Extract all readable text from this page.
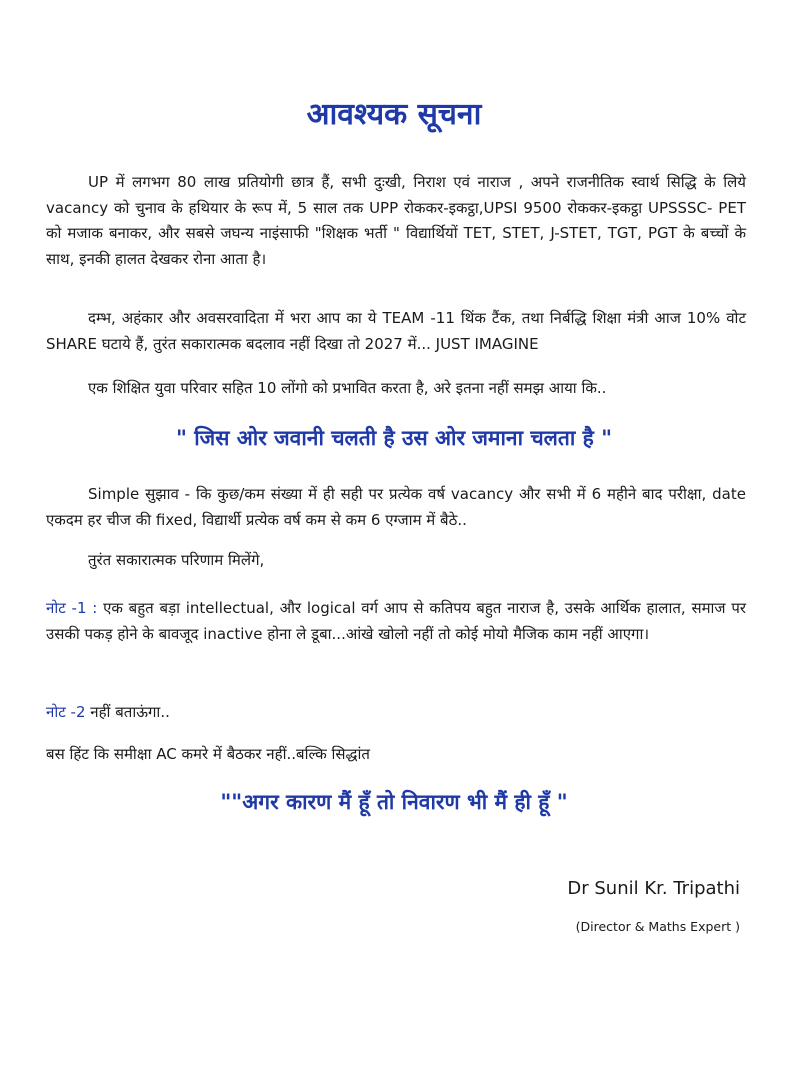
आवश्यक सूचना

UP में लगभग 80 लाख प्रतियोगी छात्र हैं, सभी दुःखी, निराश एवं नाराज , अपने राजनीतिक स्वार्थ सिद्धि के लिये vacancy को चुनाव के हथियार के रूप में, 5 साल तक UPP रोककर-इकट्ठा,UPSI 9500 रोककर-इकट्ठा UPSSSC- PET को मजाक बनाकर, और सबसे जघन्य नाइंसाफी "शिक्षक भर्ती " विद्यार्थियों TET, STET, J-STET, TGT, PGT के बच्चों के साथ, इनकी हालत देखकर रोना आता है।

दम्भ, अहंकार और अवसरवादिता में भरा आप का ये TEAM -11 थिंक टैंक, तथा निर्बद्धि शिक्षा मंत्री आज 10% वोट SHARE घटाये हैं, तुरंत सकारात्मक बदलाव नहीं दिखा तो 2027 में... JUST IMAGINE

एक शिक्षित युवा परिवार सहित 10 लोंगो को प्रभावित करता है, अरे इतना नहीं समझ आया कि..

" जिस ओर जवानी चलती है उस ओर जमाना चलता है "

Simple सुझाव - कि कुछ/कम संख्या में ही सही पर प्रत्येक वर्ष vacancy और सभी में 6 महीने बाद परीक्षा, date एकदम हर चीज की fixed, विद्यार्थी प्रत्येक वर्ष कम से कम 6 एग्जाम में बैठे..

तुरंत सकारात्मक परिणाम मिलेंगे,

नोट -1 : एक बहुत बड़ा intellectual, और logical वर्ग आप से कतिपय बहुत नाराज है, उसके आर्थिक हालात, समाज पर उसकी पकड़ होने के बावजूद inactive होना ले डूबा...आंखे खोलो नहीं तो कोई मोयो मैजिक काम नहीं आएगा।

नोट -2 नहीं बताऊंगा..

बस हिंट कि समीक्षा AC कमरे में बैठकर नहीं..बल्कि सिद्धांत

""अगर कारण मैं हूँ तो निवारण भी मैं ही हूँ "

Dr Sunil Kr. Tripathi

(Director & Maths Expert )
